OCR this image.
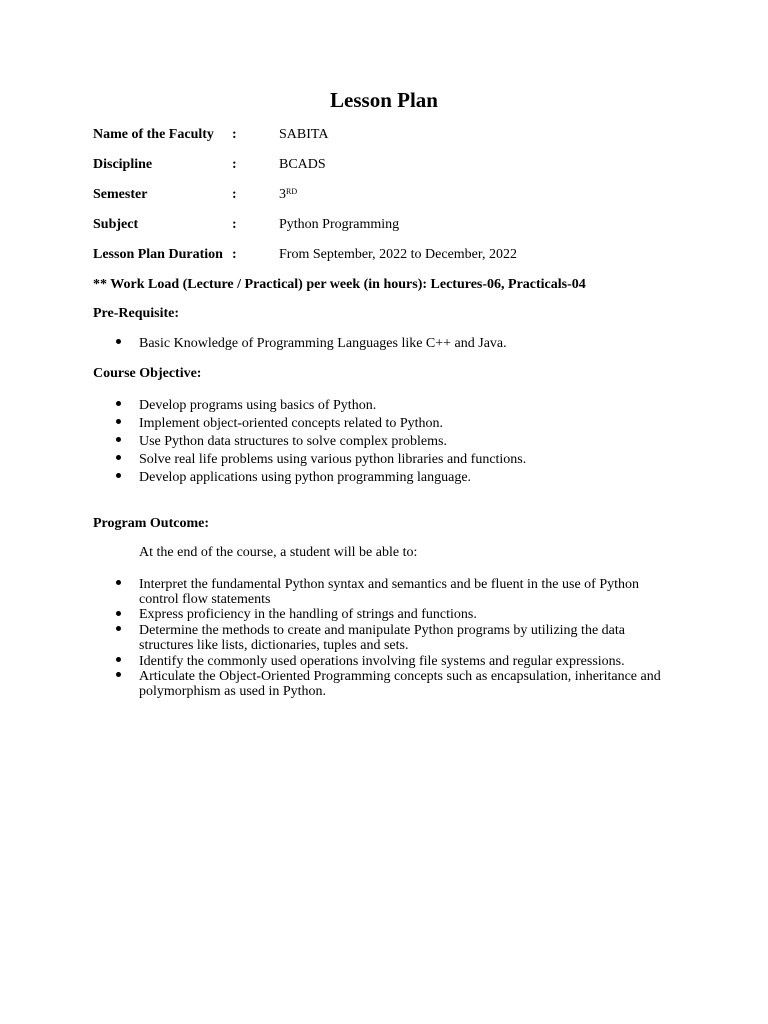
Lesson Plan
Name of the Faculty :	SABITA
Discipline	:	BCADS
Semester	:	3RD
Subject	:	Python Programming
Lesson Plan Duration :	From September, 2022 to December, 2022
** Work Load (Lecture / Practical) per week (in hours): Lectures-06, Practicals-04
Pre-Requisite:
Basic Knowledge of Programming Languages like C++ and Java.
Course Objective:
Develop programs using basics of Python.
Implement object-oriented concepts related to Python.
Use Python data structures to solve complex problems.
Solve real life problems using various python libraries and functions.
Develop applications using python programming language.
Program Outcome:
At the end of the course, a student will be able to:
Interpret the fundamental Python syntax and semantics and be fluent in the use of Python control flow statements
Express proficiency in the handling of strings and functions.
Determine the methods to create and manipulate Python programs by utilizing the data structures like lists, dictionaries, tuples and sets.
Identify the commonly used operations involving file systems and regular expressions.
Articulate the Object-Oriented Programming concepts such as encapsulation, inheritance and polymorphism as used in Python.
